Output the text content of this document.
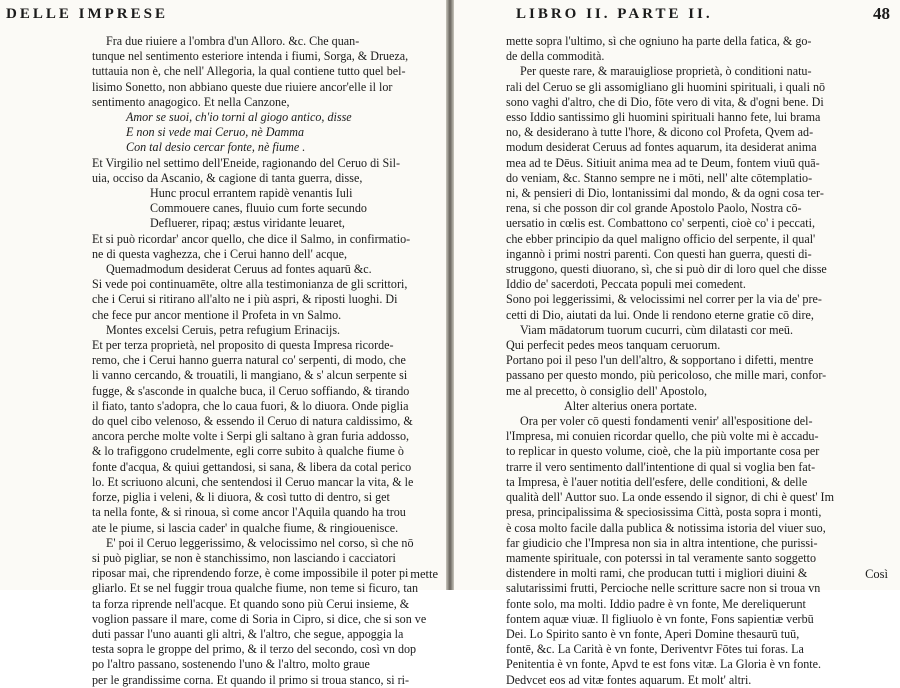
DELLE IMPRESE
Fra due riuiere a l'ombra d'un Alloro. &c. Che quan-
tunque nel sentimento esteriore intenda i fiumi, Sorga, & Drueza,
tuttauia non è, che nell' Allegoria, la qual contiene tutto quel bel-
lisimo Sonetto, non abbiano queste due riuiere ancor'elle il lor
sentimento anagogico. Et nella Canzone,
Amor se suoi, ch'io torni al giogo antico, disse
E non si vede mai Ceruo, nè Damma
Con tal desio cercar fonte, nè fiume .
Et Virgilio nel settimo dell'Eneide, ragionando del Ceruo di Sil-
uia, occiso da Ascanio, & cagione di tanta guerra, disse,
Hunc procul errantem rapidè venantis Iuli
Commouere canes, fluuio cum forte secundo
Defluerer, ripaq; æstus viridante leuaret,
Et si può ricordar' ancor quello, che dice il Salmo, in confirmatio-
ne di questa vaghezza, che i Cerui hanno dell' acque,
Quemadmodum desiderat Ceruus ad fontes aquarū &c.
Si vede poi continuamēte, oltre alla testimonianza de gli scrittori,
che i Cerui si ritirano all'alto ne i più aspri, & riposti luoghi. Di
che fece pur ancor mentione il Profeta in vn Salmo.
Montes excelsi Ceruis, petra refugium Erinacijs.
Et per terza proprietà, nel proposito di questa Impresa ricorde-
remo, che i Cerui hanno guerra natural co' serpenti, di modo, che
li vanno cercando, & trouatili, li mangiano, & s' alcun serpente si
fugge, & s'asconde in qualche buca, il Ceruo soffiando, & tirando
il fiato, tanto s'adopra, che lo caua fuori, & lo diuora. Onde piglia
do quel cibo velenoso, & essendo il Ceruo di natura caldissimo, &
ancora perche molte volte i Serpi gli saltano à gran furia addosso,
& lo trafiggono crudelmente, egli corre subito à qualche fiume ò
fonte d'acqua, & quiui gettandosi, si sana, & libera da cotal perico
lo. Et scriuono alcuni, che sentendosi il Ceruo mancar la vita, & le
forze, piglia i veleni, & li diuora, & così tutto di dentro, si get
ta nella fonte, & si rinoua, sì come ancor l'Aquila quando ha trou
ate le piume, si lascia cader' in qualche fiume, & ringiouenisce.
E' poi il Ceruo leggerissimo, & velocissimo nel corso, sì che nō
si può pigliar, se non è stanchissimo, non lasciando i cacciatori
riposar mai, che riprendendo forze, è come impossibile il poter pi
gliarlo. Et se nel fuggir troua qualche fiume, non teme si ficuro, tan
ta forza riprende nell'acque. Et quando sono più Cerui insieme, &
voglion passare il mare, come di Soria in Cipro, si dice, che si son ve
duti passar l'uno auanti gli altri, & l'altro, che segue, appoggia la
testa sopra le groppe del primo, & il terzo del secondo, così vn dop
po l'altro passano, sostenendo l'uno & l'altro, molto graue
per le grandissime corna. Et quando il primo si troua stanco, si ri-
mette
LIBRO II. PARTE II.	48
mette sopra l'ultimo, sì che ogniuno ha parte della fatica, & go-
de della commodità.
Per queste rare, & marauigliose proprietà, ò conditioni natu-
rali del Ceruo se gli assomigliano gli huomini spirituali, i quali nō
sono vaghi d'altro, che di Dio, fōte vero di vita, & d'ogni bene. Di
esso Iddio santissimo gli huomini spirituali hanno fete, lui brama
no, & desiderano à tutte l'hore, & dicono col Profeta, Qvem ad-
modum desiderat Ceruus ad fontes aquarum, ita desiderat anima
mea ad te Dēus. Sitiuit anima mea ad te Deum, fontem viuū quā-
do veniam, &c. Stanno sempre ne i mōti, nell' alte cōtemplatio-
ni, & pensieri di Dio, lontanissimi dal mondo, & da ogni cosa ter-
rena, si che posson dir col grande Apostolo Paolo, Nostra cō-
uersatio in cœlis est. Combattono co' serpenti, cioè co' i peccati,
che ebber principio da quel maligno officio del serpente, il qual'
ingannò i primi nostri parenti. Con questi han guerra, questi di-
struggono, questi diuorano, sì, che si può dir di loro quel che disse
Iddio de' sacerdoti, Peccata populi mei comedent.
Sono poi leggerissimi, & velocissimi nel correr per la via de' pre-
cetti di Dio, aiutati da lui. Onde li rendono eterne gratie cō dire,
Viam mādatorum tuorum cucurri, cùm dilatasti cor meū.
Qui perfecit pedes meos tanquam ceruorum.
Portano poi il peso l'un dell'altro, & sopportano i difetti, mentre
passano per questo mondo, più pericoloso, che mille mari, confor-
me al precetto, ò consiglio dell' Apostolo,
Alter alterius onera portate.
Ora per voler cō questi fondamenti venir' all'espositione del-
l'Impresa, mi conuien ricordar quello, che più volte mi è accadu-
to replicar in questo volume, cioè, che la più importante cosa per
trarre il vero sentimento dall'intentione di qual si voglia ben fat-
ta Impresa, è l'auer notitia dell'esfere, delle conditioni, & delle
qualità dell' Auttor suo. La onde essendo il signor, di chi è quest' Im
presa, principalissima & speciosissima Città, posta sopra i monti,
è cosa molto facile dalla publica & notissima istoria del viuer suo,
far giudicio che l'Impresa non sia in altra intentione, che purissi-
mamente spirituale, con poterssi in tal veramente santo soggetto
distendere in molti rami, che producan tutti i migliori diuini &
salutarissimi frutti, Percioche nelle scritture sacre non si troua vn
fonte solo, ma molti. Iddio padre è vn fonte, Me dereliquerunt
fontem aquæ viuæ. Il figliuolo è vn fonte, Fons sapientiæ verbū
Dei. Lo Spirito santo è vn fonte, Aperi Domine thesaurū tuū,
fontē, &c. La Carità è vn fonte, Deriventvr Fōtes tui foras. La
Penitentia è vn fonte, Apvd te est fons vitæ. La Gloria è vn fonte.
Dedvcet eos ad vitæ fontes aquarum. Et molt' altri.
Così
